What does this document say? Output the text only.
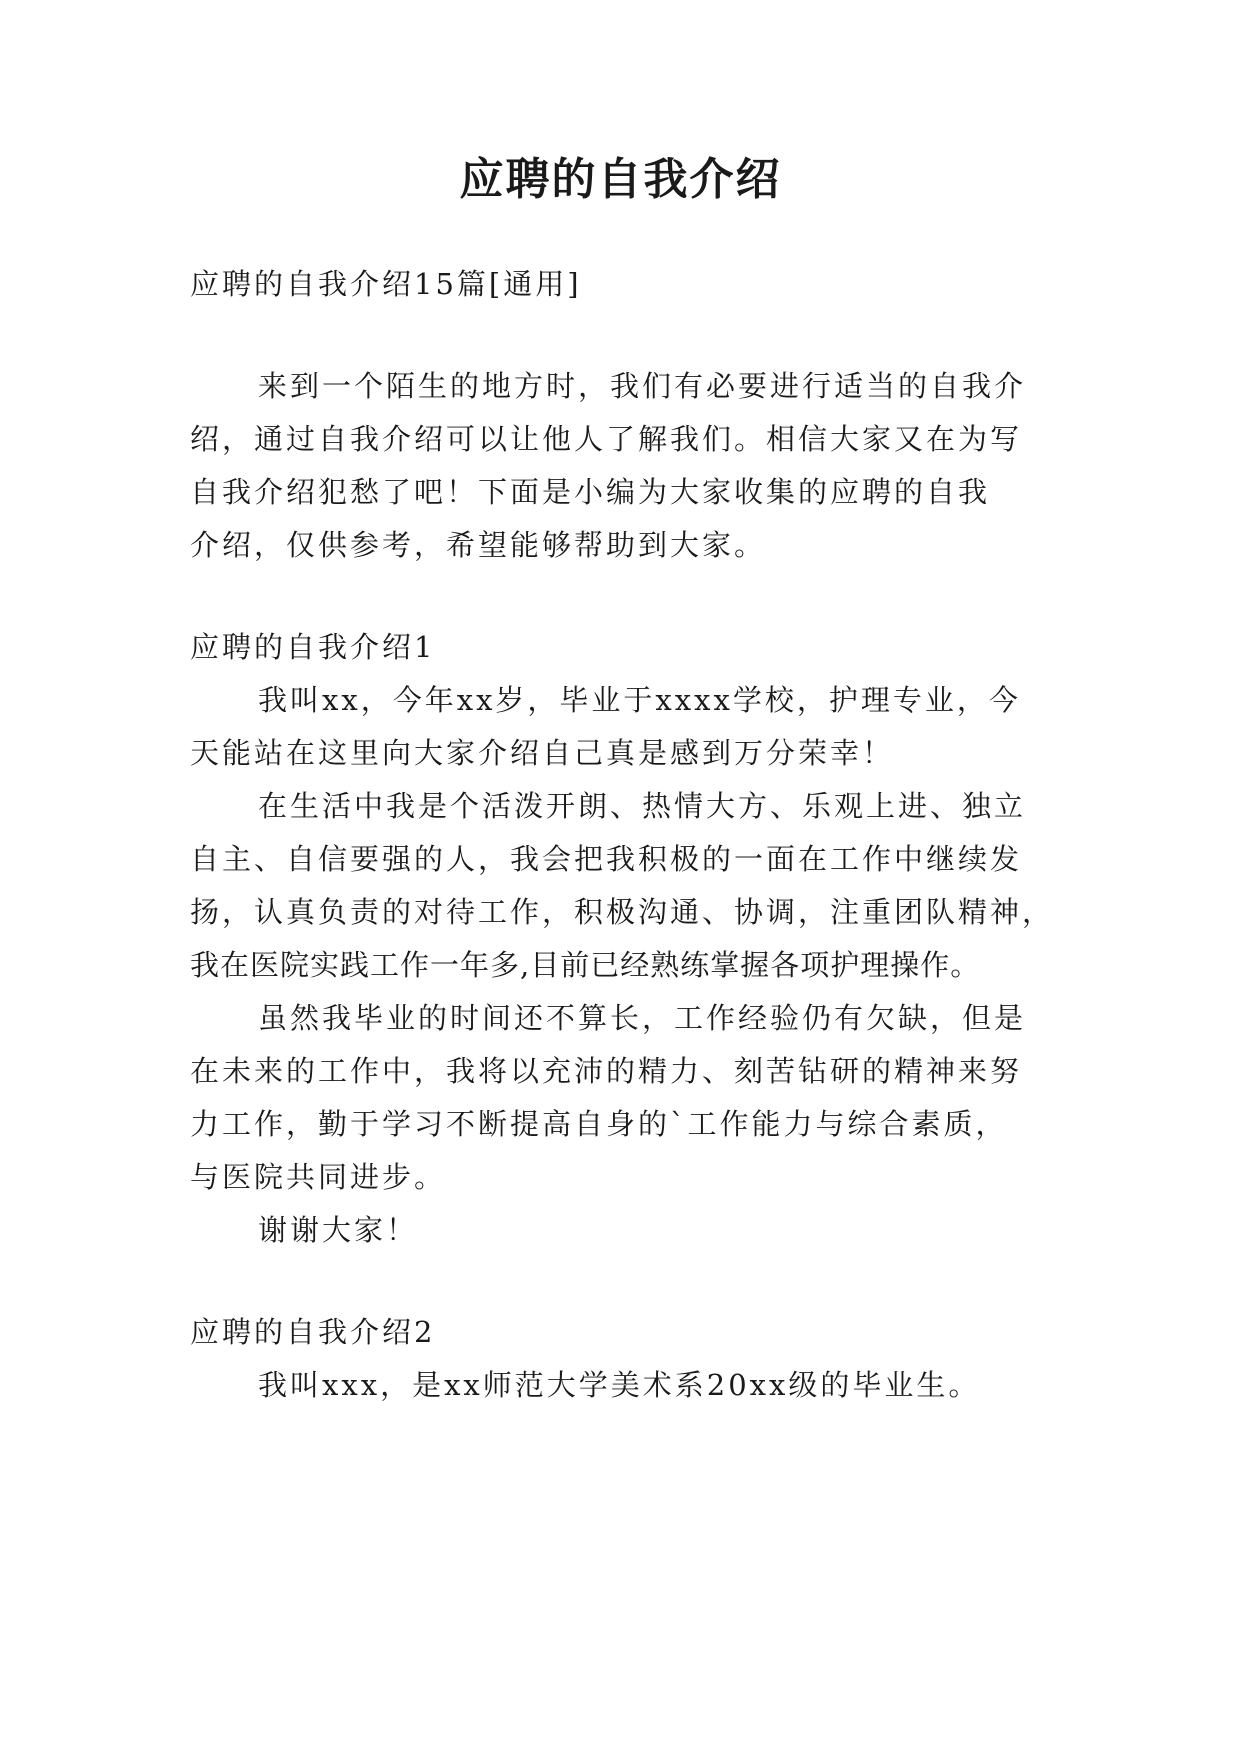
应聘的自我介绍
应聘的自我介绍15篇[通用]
来到一个陌生的地方时，我们有必要进行适当的自我介
绍，通过自我介绍可以让他人了解我们。相信大家又在为写
自我介绍犯愁了吧！下面是小编为大家收集的应聘的自我
介绍，仅供参考，希望能够帮助到大家。
应聘的自我介绍1
我叫xx，今年xx岁，毕业于xxxx学校，护理专业，今
天能站在这里向大家介绍自己真是感到万分荣幸！
在生活中我是个活泼开朗、热情大方、乐观上进、独立
自主、自信要强的人，我会把我积极的一面在工作中继续发
扬，认真负责的对待工作，积极沟通、协调，注重团队精神，
我在医院实践工作一年多,目前已经熟练掌握各项护理操作。
虽然我毕业的时间还不算长，工作经验仍有欠缺，但是
在未来的工作中，我将以充沛的精力、刻苦钻研的精神来努
力工作，勤于学习不断提高自身的`工作能力与综合素质，
与医院共同进步。
谢谢大家！
应聘的自我介绍2
我叫xxx，是xx师范大学美术系20xx级的毕业生。
